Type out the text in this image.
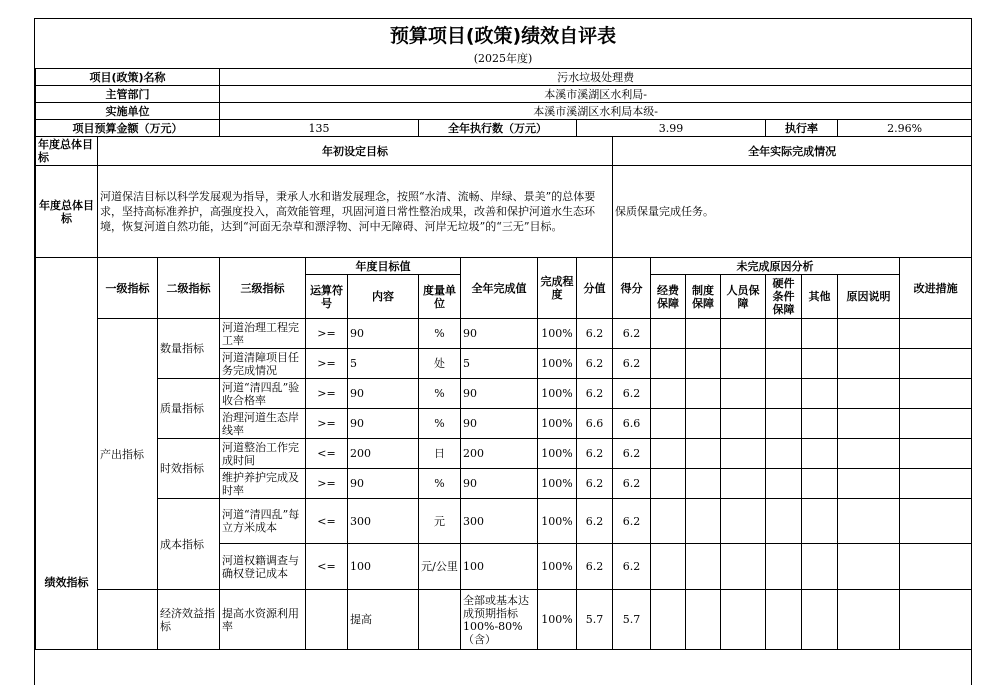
预算项目(政策)绩效自评表
(2025年度)
项目(政策)名称			污水垃圾处理费														
主管部门			本溪市溪湖区水利局-														
实施单位			本溪市溪湖区水利局本级-														
项目预算金额（万元）			135			全年执行数（万元）			3.99					执行率		2.96%	
年度总体目标	年初设定目标									全年实际完成情况							
年度总体目标	河道保洁目标以科学发展观为指导，秉承人水和谐发展理念，按照“水清、流畅、岸绿、景美”的总体要求，坚持高标准养护，高强度投入，高效能管理，巩固河道日常性整治成果，改善和保护河道水生态环境，恢复河道自然功能，达到“河面无杂草和漂浮物、河中无障碍、河岸无垃圾”的“三无”目标。									保质保量完成任务。							
绩效指标	一级指标	二级指标	三级指标	年度目标值			全年完成值	完成程度	分值	得分	未完成原因分析						改进措施
				运算符号	内容	度量单位					经费保障	制度保障	人员保障	硬件条件保障	其他	原因说明	
	产出指标	数量指标	河道治理工程完工率	>=	90	%	90	100%	6.2	6.2							
			河道清障项目任务完成情况	>=	5	处	5	100%	6.2	6.2							
		质量指标	河道“清四乱”验收合格率	>=	90	%	90	100%	6.2	6.2							
			治理河道生态岸线率	>=	90	%	90	100%	6.6	6.6							
		时效指标	河道整治工作完成时间	<=	200	日	200	100%	6.2	6.2							
			维护养护完成及时率	>=	90	%	90	100%	6.2	6.2							
		成本指标	河道“清四乱”每立方米成本	<=	300	元	300	100%	6.2	6.2							
			河道权籍调查与确权登记成本	<=	100	元/公里	100	100%	6.2	6.2							
		经济效益指标	提高水资源利用率		提高		全部或基本达成预期指标100%-80%（含）	100%	5.7	5.7							
